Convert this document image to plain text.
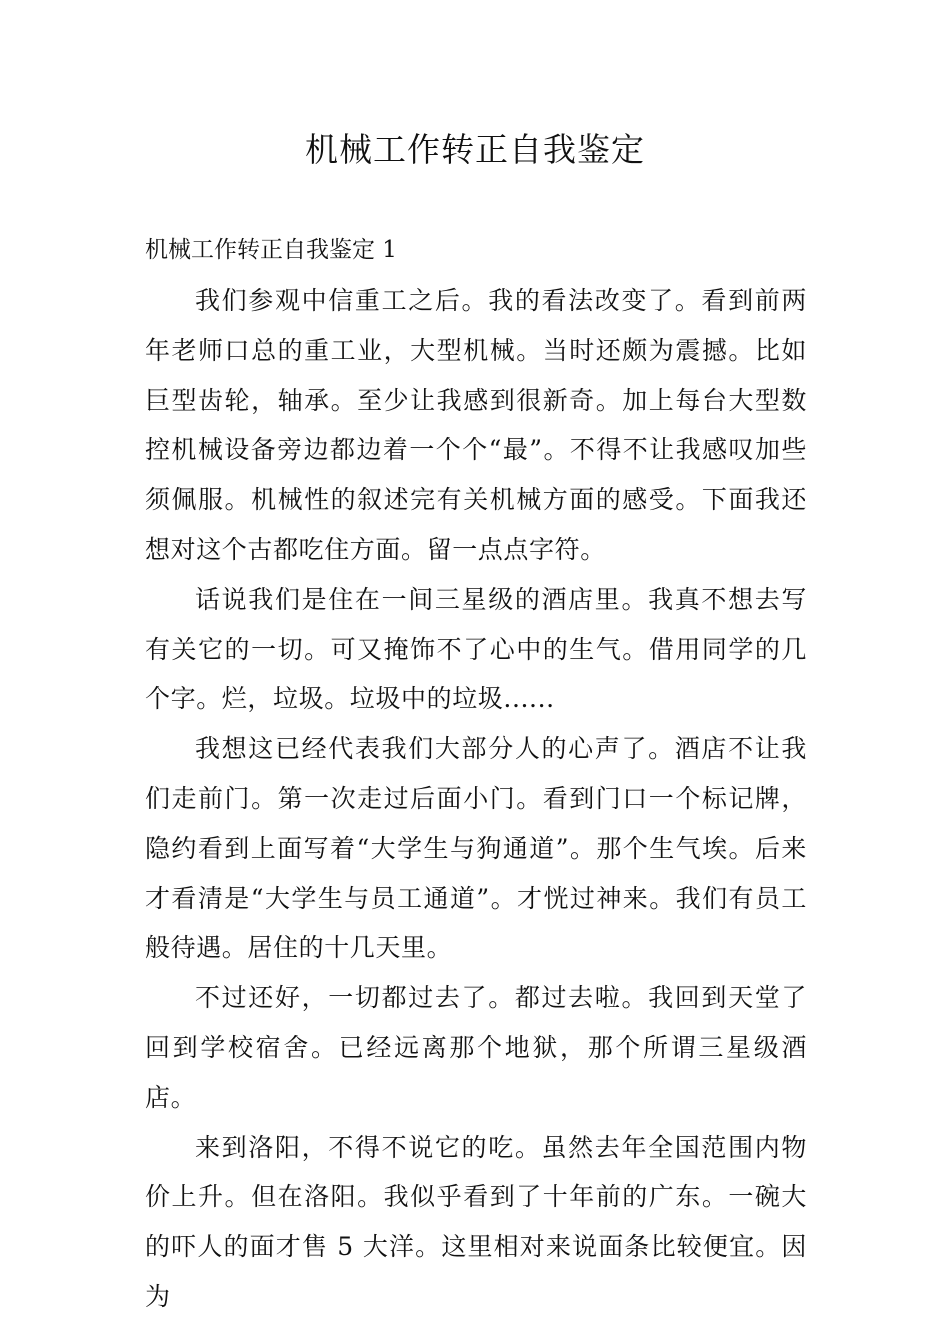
机械工作转正自我鉴定
机械工作转正自我鉴定 1

我们参观中信重工之后。我的看法改变了。看到前两年老师口总的重工业，大型机械。当时还颇为震撼。比如巨型齿轮，轴承。至少让我感到很新奇。加上每台大型数控机械设备旁边都边着一个个“最”。不得不让我感叹加些须佩服。机械性的叙述完有关机械方面的感受。下面我还想对这个古都吃住方面。留一点点字符。

话说我们是住在一间三星级的酒店里。我真不想去写有关它的一切。可又掩饰不了心中的生气。借用同学的几个字。烂，垃圾。垃圾中的垃圾......

我想这已经代表我们大部分人的心声了。酒店不让我们走前门。第一次走过后面小门。看到门口一个标记牌，隐约看到上面写着“大学生与狗通道”。那个生气埃。后来才看清是“大学生与员工通道”。才恍过神来。我们有员工般待遇。居住的十几天里。

不过还好，一切都过去了。都过去啦。我回到天堂了回到学校宿舍。已经远离那个地狱，那个所谓三星级酒店。

来到洛阳，不得不说它的吃。虽然去年全国范围内物价上升。但在洛阳。我似乎看到了十年前的广东。一碗大的吓人的面才售 5 大洋。这里相对来说面条比较便宜。因为
